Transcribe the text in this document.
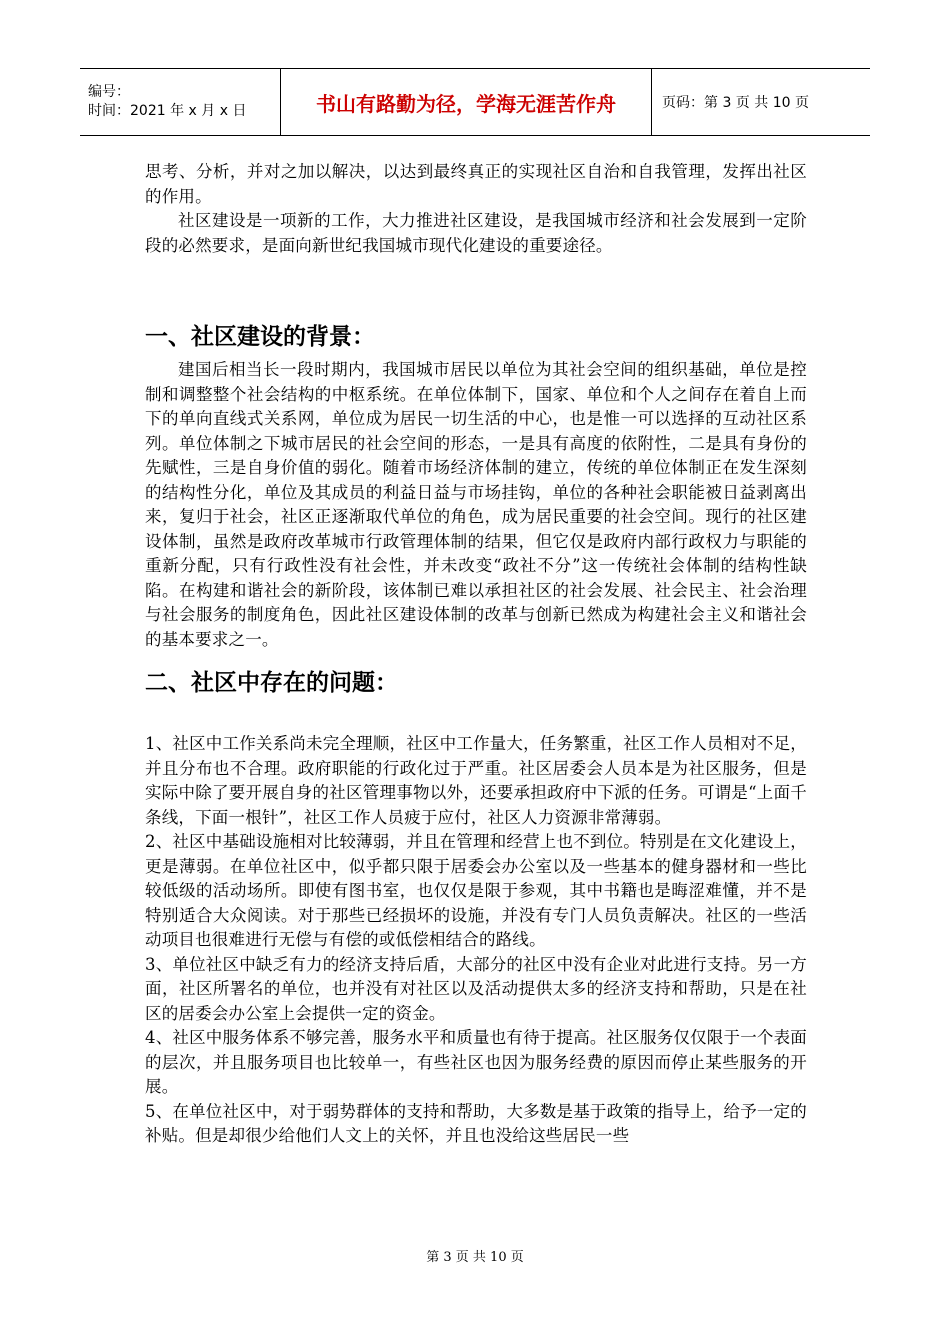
编号：
时间：2021 年 x 月 x 日	书山有路勤为径，学海无涯苦作舟	页码：第 3 页 共 10 页

思考、分析，并对之加以解决，以达到最终真正的实现社区自治和自我管理，发挥出社区的作用。

社区建设是一项新的工作，大力推进社区建设，是我国城市经济和社会发展到一定阶段的必然要求，是面向新世纪我国城市现代化建设的重要途径。

一、社区建设的背景：

建国后相当长一段时期内，我国城市居民以单位为其社会空间的组织基础，单位是控制和调整整个社会结构的中枢系统。在单位体制下，国家、单位和个人之间存在着自上而下的单向直线式关系网，单位成为居民一切生活的中心，也是惟一可以选择的互动社区系列。单位体制之下城市居民的社会空间的形态，一是具有高度的依附性，二是具有身份的先赋性，三是自身价值的弱化。随着市场经济体制的建立，传统的单位体制正在发生深刻的结构性分化，单位及其成员的利益日益与市场挂钩，单位的各种社会职能被日益剥离出来，复归于社会，社区正逐渐取代单位的角色，成为居民重要的社会空间。现行的社区建设体制，虽然是政府改革城市行政管理体制的结果，但它仅是政府内部行政权力与职能的重新分配，只有行政性没有社会性，并未改变“政社不分”这一传统社会体制的结构性缺陷。在构建和谐社会的新阶段，该体制已难以承担社区的社会发展、社会民主、社会治理与社会服务的制度角色，因此社区建设体制的改革与创新已然成为构建社会主义和谐社会的基本要求之一。

二、社区中存在的问题：

1、社区中工作关系尚未完全理顺，社区中工作量大，任务繁重，社区工作人员相对不足，并且分布也不合理。政府职能的行政化过于严重。社区居委会人员本是为社区服务，但是实际中除了要开展自身的社区管理事物以外，还要承担政府中下派的任务。可谓是“上面千条线，下面一根针”，社区工作人员疲于应付，社区人力资源非常薄弱。

2、社区中基础设施相对比较薄弱，并且在管理和经营上也不到位。特别是在文化建设上，更是薄弱。在单位社区中，似乎都只限于居委会办公室以及一些基本的健身器材和一些比较低级的活动场所。即使有图书室，也仅仅是限于参观，其中书籍也是晦涩难懂，并不是特别适合大众阅读。对于那些已经损坏的设施，并没有专门人员负责解决。社区的一些活动项目也很难进行无偿与有偿的或低偿相结合的路线。

3、单位社区中缺乏有力的经济支持后盾，大部分的社区中没有企业对此进行支持。另一方面，社区所署名的单位，也并没有对社区以及活动提供太多的经济支持和帮助，只是在社区的居委会办公室上会提供一定的资金。

4、社区中服务体系不够完善，服务水平和质量也有待于提高。社区服务仅仅限于一个表面的层次，并且服务项目也比较单一，有些社区也因为服务经费的原因而停止某些服务的开展。

5、在单位社区中，对于弱势群体的支持和帮助，大多数是基于政策的指导上，给予一定的补贴。但是却很少给他们人文上的关怀，并且也没给这些居民一些

第 3 页 共 10 页
